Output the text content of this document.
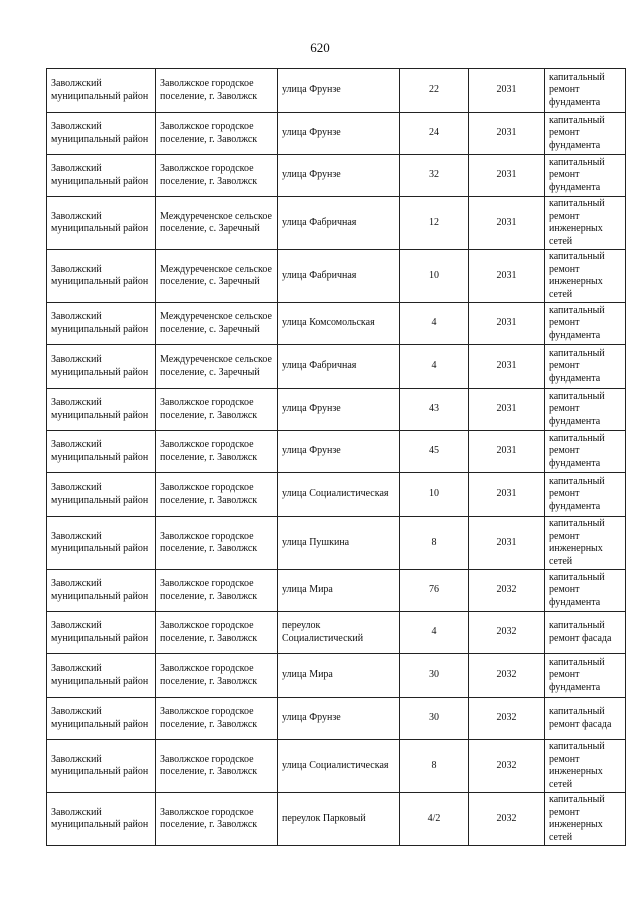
620
Заволжский муниципальный район	Заволжское городское поселение, г. Заволжск	улица Фрунзе	22	2031	капитальный ремонт фундамента
Заволжский муниципальный район	Заволжское городское поселение, г. Заволжск	улица Фрунзе	24	2031	капитальный ремонт фундамента
Заволжский муниципальный район	Заволжское городское поселение, г. Заволжск	улица Фрунзе	32	2031	капитальный ремонт фундамента
Заволжский муниципальный район	Междуреченское сельское поселение, с. Заречный	улица Фабричная	12	2031	капитальный ремонт инженерных сетей
Заволжский муниципальный район	Междуреченское сельское поселение, с. Заречный	улица Фабричная	10	2031	капитальный ремонт инженерных сетей
Заволжский муниципальный район	Междуреченское сельское поселение, с. Заречный	улица Комсомольская	4	2031	капитальный ремонт фундамента
Заволжский муниципальный район	Междуреченское сельское поселение, с. Заречный	улица Фабричная	4	2031	капитальный ремонт фундамента
Заволжский муниципальный район	Заволжское городское поселение, г. Заволжск	улица Фрунзе	43	2031	капитальный ремонт фундамента
Заволжский муниципальный район	Заволжское городское поселение, г. Заволжск	улица Фрунзе	45	2031	капитальный ремонт фундамента
Заволжский муниципальный район	Заволжское городское поселение, г. Заволжск	улица Социалистическая	10	2031	капитальный ремонт фундамента
Заволжский муниципальный район	Заволжское городское поселение, г. Заволжск	улица Пушкина	8	2031	капитальный ремонт инженерных сетей
Заволжский муниципальный район	Заволжское городское поселение, г. Заволжск	улица Мира	76	2032	капитальный ремонт фундамента
Заволжский муниципальный район	Заволжское городское поселение, г. Заволжск	переулок Социалистический	4	2032	капитальный ремонт фасада
Заволжский муниципальный район	Заволжское городское поселение, г. Заволжск	улица Мира	30	2032	капитальный ремонт фундамента
Заволжский муниципальный район	Заволжское городское поселение, г. Заволжск	улица Фрунзе	30	2032	капитальный ремонт фасада
Заволжский муниципальный район	Заволжское городское поселение, г. Заволжск	улица Социалистическая	8	2032	капитальный ремонт инженерных сетей
Заволжский муниципальный район	Заволжское городское поселение, г. Заволжск	переулок Парковый	4/2	2032	капитальный ремонт инженерных сетей
